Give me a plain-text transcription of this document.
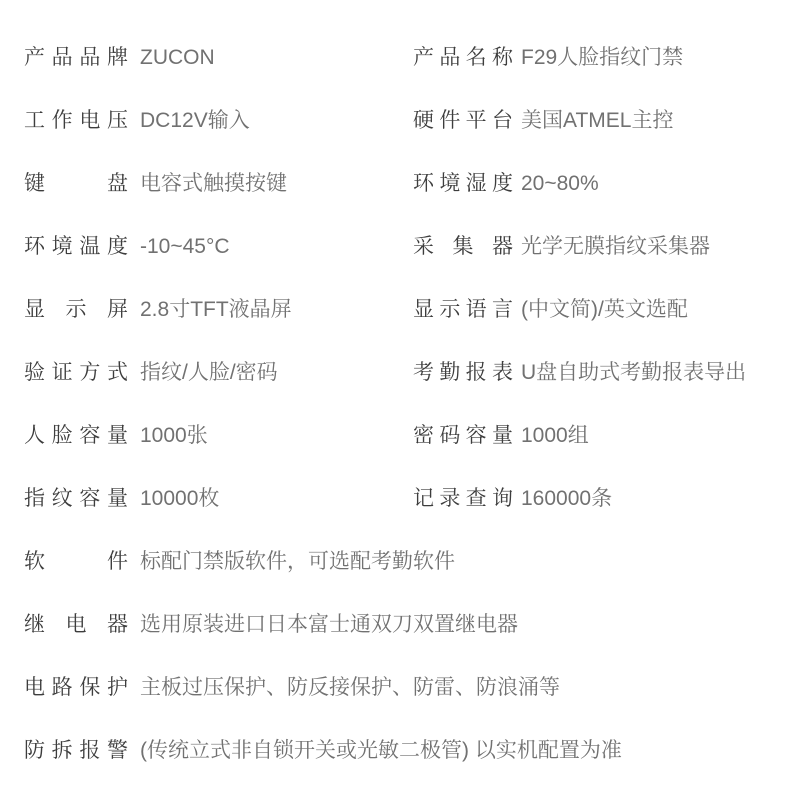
产品品牌 ZUCON	产品名称 F29人脸指纹门禁
工作电压 DC12V输入	硬件平台 美国ATMEL主控
键盘 电容式触摸按键	环境湿度 20~80%
环境温度 -10~45°C	采集器 光学无膜指纹采集器
显示屏 2.8寸TFT液晶屏	显示语言 (中文简)/英文选配
验证方式 指纹/人脸/密码	考勤报表 U盘自助式考勤报表导出
人脸容量 1000张	密码容量 1000组
指纹容量 10000枚	记录查询 160000条
软件 标配门禁版软件，可选配考勤软件
继电器 选用原装进口日本富士通双刀双置继电器
电路保护 主板过压保护、防反接保护、防雷、防浪涌等
防拆报警 (传统立式非自锁开关或光敏二极管) 以实机配置为准
